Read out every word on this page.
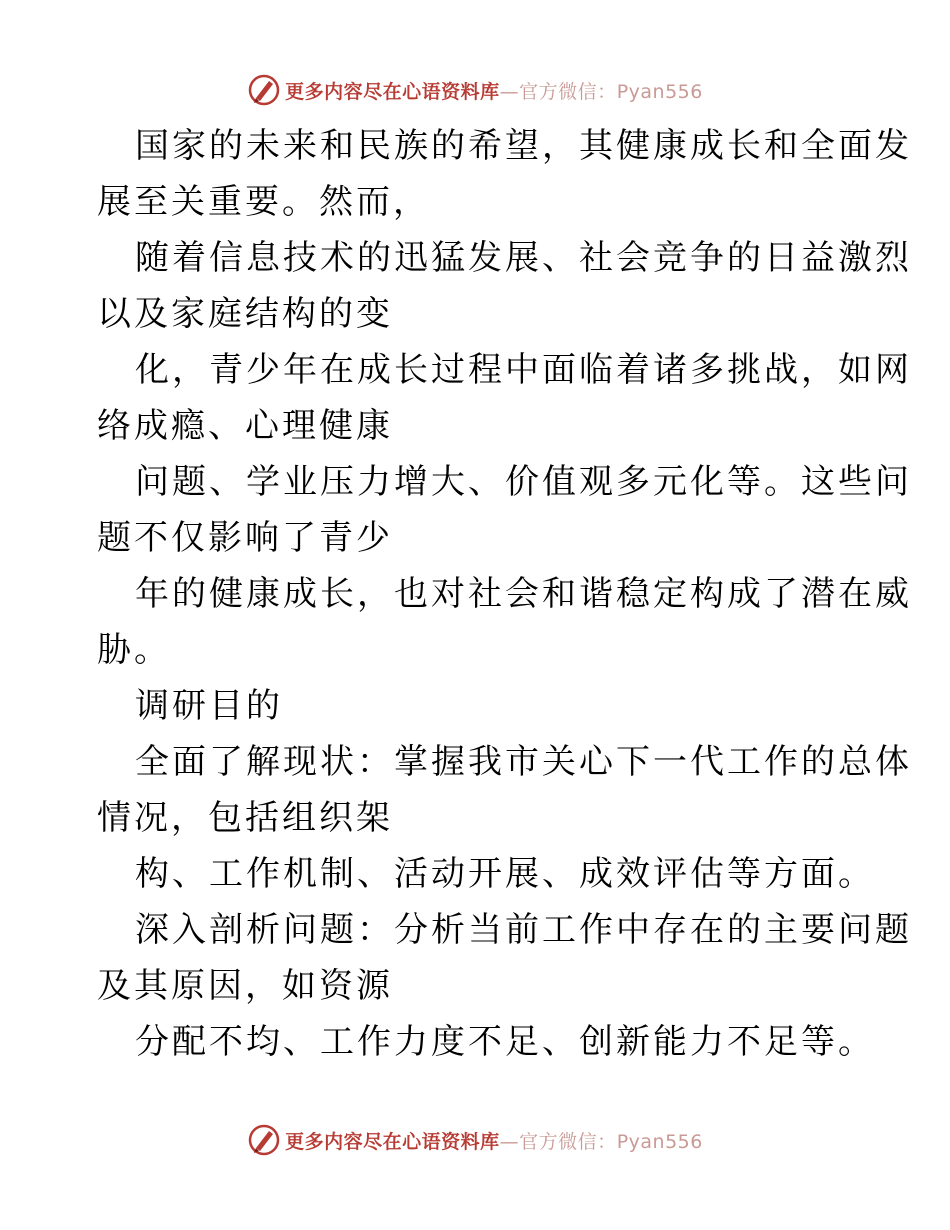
更多内容尽在心语资料库—官方微信：Pyan556
国家的未来和民族的希望，其健康成长和全面发
展至关重要。然而，
随着信息技术的迅猛发展、社会竞争的日益激烈
以及家庭结构的变
化，青少年在成长过程中面临着诸多挑战，如网
络成瘾、心理健康
问题、学业压力增大、价值观多元化等。这些问
题不仅影响了青少
年的健康成长，也对社会和谐稳定构成了潜在威
胁。
调研目的
全面了解现状：掌握我市关心下一代工作的总体
情况，包括组织架
构、工作机制、活动开展、成效评估等方面。
深入剖析问题：分析当前工作中存在的主要问题
及其原因，如资源
分配不均、工作力度不足、创新能力不足等。
更多内容尽在心语资料库—官方微信：Pyan556
